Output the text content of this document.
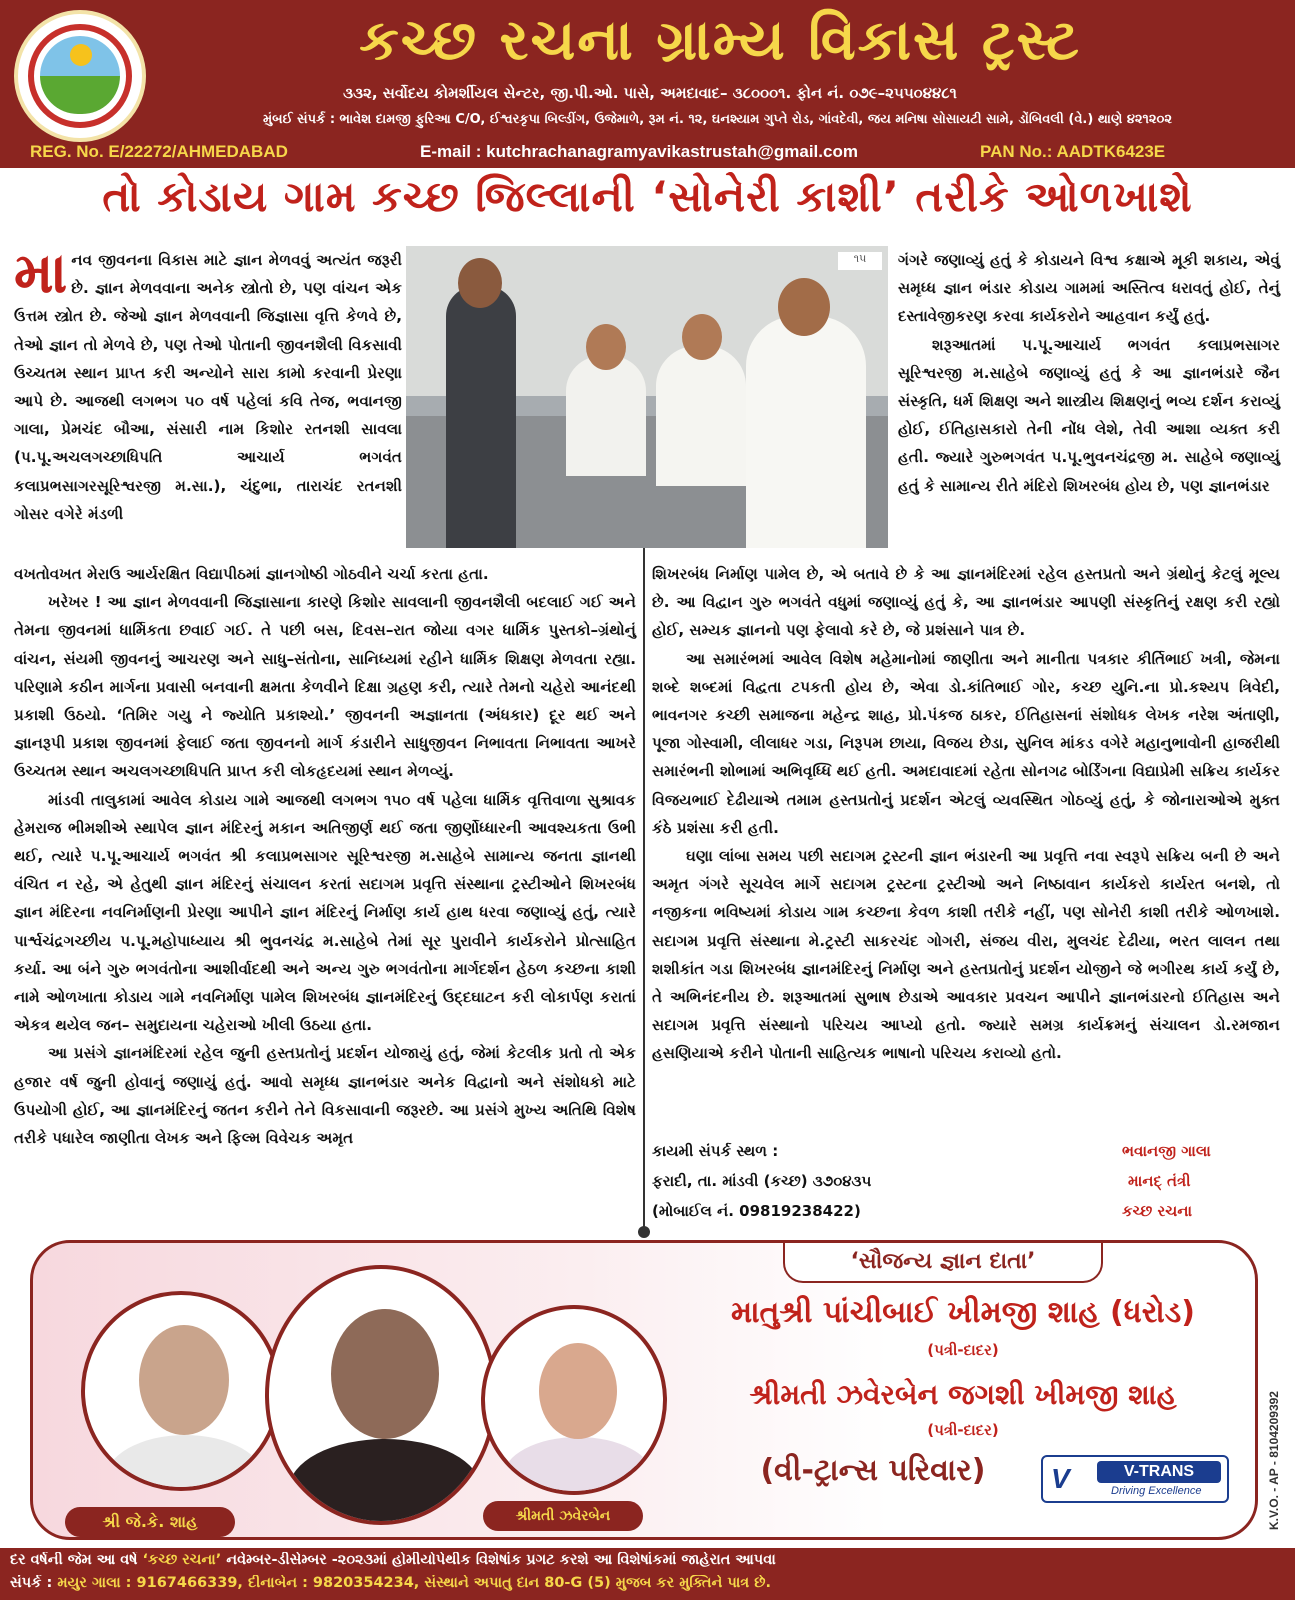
કચ્છ રચના ગ્રામ્ય વિકાસ ટ્રસ્ટ
૩૩૨, સર્વોદય કોમર્શીયલ સેન્ટર, જી.પી.ઓ. પાસે, અમદાવાદ– ૩૮૦૦૦૧. ફોન નં. ૦૭૯–૨૫૫૦૪૪૮૧
મુંબઈ સંપર્ક : ભાવેશ દામજી ફુરિઆ C/O, ઈશ્વરકૃપા બિલ્ડીંગ, ઉજેમાળે, રૂમ નં. ૧૨, ઘનશ્યામ ગુપ્તે રોડ, ગાંવદેવી, જય મનિષા સોસાયટી સામે, ડોંબિવલી (વે.) થાણે ૪૨૧૨૦૨
REG. No. E/22272/AHMEDABAD	E-mail : kutchrachanagramyavikastrustah@gmail.com	PAN No.: AADTK6423E
તો કોડાય ગામ કચ્છ જિલ્લાની ‘સોનેરી કાશી’ તરીકે ઓળખાશે
મા નવ જીવનના વિકાસ માટે જ્ઞાન મેળવવું અત્યંત જરૂરી છે. જ્ઞાન મેળવવાના અનેક સ્ત્રોતો છે, પણ વાંચન એક ઉત્તમ સ્ત્રોત છે. જેઓ જ્ઞાન મેળવવાની જિજ્ઞાસા વૃત્તિ કેળવે છે, તેઓ જ્ઞાન તો મેળવે છે, પણ તેઓ પોતાની જીવનશૈલી વિકસાવી ઉચ્ચતમ સ્થાન પ્રાપ્ત કરી અન્યોને સારા કામો કરવાની પ્રેરણા આપે છે. આજથી લગભગ ૫૦ વર્ષ પહેલાં કવિ તેજ, ભવાનજી ગાલા, પ્રેમચંદ બૌઆ, સંસારી નામ કિશોર રતનશી સાવલા (પ.પૂ.અચલગચ્છાધિપતિ આચાર્ય ભગવંત કલાપ્રભસાગરસૂરિશ્વરજી મ.સા.), ચંદુભા, તારાચંદ રતનશી ગોસર વગેરે મંડળી
૧૫	ગંગરે જણાવ્યું હતું કે કોડાયને વિશ્વ કક્ષાએ મૂકી શકાય, એવું સમૃધ્ધ જ્ઞાન ભંડાર કોડાય ગામમાં અસ્તિત્વ ધરાવતું હોઈ, તેનું દસ્તાવેજીકરણ કરવા કાર્યકરોને આહવાન કર્યું હતું.

શરૂઆતમાં પ.પૂ.આચાર્ય ભગવંત કલાપ્રભસાગર સૂરિશ્વરજી મ.સાહેબે જણાવ્યું હતું કે આ જ્ઞાનભંડારે જૈન સંસ્કૃતિ, ધર્મ શિક્ષણ અને શાસ્ત્રીય શિક્ષણનું ભવ્ય દર્શન કરાવ્યું હોઈ, ઈતિહાસકારો તેની નોંધ લેશે, તેવી આશા વ્યક્ત કરી હતી. જ્યારે ગુરુભગવંત પ.પૂ.ભુવનચંદ્રજી મ. સાહેબે જણાવ્યું હતું કે સામાન્ય રીતે મંદિરો શિખરબંધ હોય છે, પણ જ્ઞાનભંડાર

વખતોવખત મેરાઉ આર્યરક્ષિત વિદ્યાપીઠમાં જ્ઞાનગોષ્ઠી ગોઠવીને ચર્ચા કરતા હતા.

ખરેખર ! આ જ્ઞાન મેળવવાની જિજ્ઞાસાના કારણે કિશોર સાવલાની જીવનશૈલી બદલાઈ ગઈ અને તેમના જીવનમાં ધાર્મિકતા છવાઈ ગઈ. તે પછી બસ, દિવસ–રાત જોયા વગર ધાર્મિક પુસ્તકો–ગ્રંથોનું વાંચન, સંયમી જીવનનું આચરણ અને સાધુ–સંતોના, સાનિધ્યમાં રહીને ધાર્મિક શિક્ષણ મેળવતા રહ્યા. પરિણામે કઠીન માર્ગના પ્રવાસી બનવાની ક્ષમતા કેળવીને દિક્ષા ગ્રહણ કરી, ત્યારે તેમનો ચહેરો આનંદથી પ્રકાશી ઉઠયો. ‘તિમિર ગયુ ને જ્યોતિ પ્રકાશ્યો.’ જીવનની અજ્ઞાનતા (અંધકાર) દૂર થઈ અને જ્ઞાનરૂપી પ્રકાશ જીવનમાં ફેલાઈ જતા જીવનનો માર્ગ કંડારીને સાધુજીવન નિભાવતા નિભાવતા આખરે ઉચ્ચતમ સ્થાન અચલગચ્છાધિપતિ પ્રાપ્ત કરી લોકહૃદયમાં સ્થાન મેળવ્યું.

માંડવી તાલુકામાં આવેલ કોડાય ગામે આજથી લગભગ ૧૫૦ વર્ષ પહેલા ધાર્મિક વૃત્તિવાળા સુશ્રાવક હેમરાજ ભીમશીએ સ્થાપેલ જ્ઞાન મંદિરનું મકાન અતિજીર્ણ થઈ જતા જીર્ણોધ્ધારની આવશ્યકતા ઉભી થઈ, ત્યારે પ.પૂ.આચાર્ય ભગવંત શ્રી કલાપ્રભસાગર સૂરિશ્વરજી મ.સાહેબે સામાન્ય જનતા જ્ઞાનથી વંચિત ન રહે, એ હેતુથી જ્ઞાન મંદિરનું સંચાલન કરતાં સદાગમ પ્રવૃત્તિ સંસ્થાના ટ્રસ્ટીઓને શિખરબંધ જ્ઞાન મંદિરના નવનિર્માણની પ્રેરણા આપીને જ્ઞાન મંદિરનું નિર્માણ કાર્ય હાથ ધરવા જણાવ્યું હતું, ત્યારે પાર્શ્વચંદ્રગચ્છીય પ.પૂ.મહોપાધ્યાય શ્રી ભુવનચંદ્ર મ.સાહેબે તેમાં સૂર પુરાવીને કાર્યકરોને પ્રોત્સાહિત કર્યા. આ બંને ગુરુ ભગવંતોના આશીર્વાદથી અને અન્ય ગુરુ ભગવંતોના માર્ગદર્શન હેઠળ કચ્છના કાશી નામે ઓળખાતા કોડાય ગામે નવનિર્માણ પામેલ શિખરબંધ જ્ઞાનમંદિરનું ઉદ્દઘાટન કરી લોકાર્પણ કરાતાં એકત્ર થયેલ જન– સમુદાયના ચહેરાઓ ખીલી ઉઠયા હતા.

આ પ્રસંગે જ્ઞાનમંદિરમાં રહેલ જુની હસ્તપ્રતોનું પ્રદર્શન યોજાયું હતું, જેમાં કેટલીક પ્રતો તો એક હજાર વર્ષ જુની હોવાનું જણાયું હતું. આવો સમૃધ્ધ જ્ઞાનભંડાર અનેક વિદ્વાનો અને સંશોધકો માટે ઉપયોગી હોઈ, આ જ્ઞાનમંદિરનું જતન કરીને તેને વિકસાવાની જરૂરછે. આ પ્રસંગે મુખ્ય અતિથિ વિશેષ તરીકે પધારેલ જાણીતા લેખક અને ફિલ્મ વિવેચક અમૃત

શિખરબંધ નિર્માણ પામેલ છે, એ બતાવે છે કે આ જ્ઞાનમંદિરમાં રહેલ હસ્તપ્રતો અને ગ્રંથોનું કેટલું મૂલ્ય છે. આ વિદ્વાન ગુરુ ભગવંતે વધુમાં જણાવ્યું હતું કે, આ જ્ઞાનભંડાર આપણી સંસ્કૃતિનું રક્ષણ કરી રહ્યો હોઈ, સમ્યક જ્ઞાનનો પણ ફેલાવો કરે છે, જે પ્રશંસાને પાત્ર છે.

આ સમારંભમાં આવેલ વિશેષ મહેમાનોમાં જાણીતા અને માનીતા પત્રકાર કીર્તિભાઈ ખત્રી, જેમના શબ્દે શબ્દમાં વિદ્વતા ટપકતી હોય છે, એવા ડો.કાંતિભાઈ ગોર, કચ્છ યુનિ.ના પ્રો.કશ્યપ ત્રિવેદી, ભાવનગર કચ્છી સમાજના મહેન્દ્ર શાહ, પ્રો.પંકજ ઠાકર, ઈતિહાસનાં સંશોધક લેખક નરેશ અંતાણી, પૂજા ગોસ્વામી, લીલાધર ગડા, નિરૂપમ છાયા, વિજય છેડા, સુનિલ માંકડ વગેરે મહાનુભાવોની હાજરીથી સમારંભની શોભામાં અભિવૃધ્ધિ થઈ હતી. અમદાવાદમાં રહેતા સોનગઢ બોર્ડિંગના વિદ્યાપ્રેમી સક્રિય કાર્યકર વિજયભાઈ દેઢીયાએ તમામ હસ્તપ્રતોનું પ્રદર્શન એટલું વ્યવસ્થિત ગોઠવ્યું હતું, કે જોનારાઓએ મુક્ત કંઠે પ્રશંસા કરી હતી.

ઘણા લાંબા સમય પછી સદાગમ ટ્રસ્ટની જ્ઞાન ભંડારની આ પ્રવૃત્તિ નવા સ્વરૂપે સક્રિય બની છે અને અમૃત ગંગરે સૂચવેલ માર્ગે સદાગમ ટ્રસ્ટના ટ્રસ્ટીઓ અને નિષ્ઠાવાન કાર્યકરો કાર્યરત બનશે, તો નજીકના ભવિષ્યમાં કોડાય ગામ કચ્છના કેવળ કાશી તરીકે નહીં, પણ સોનેરી કાશી તરીકે ઓળખાશે. સદાગમ પ્રવૃત્તિ સંસ્થાના મે.ટ્રસ્ટી સાકરચંદ ગોગરી, સંજય વીરા, મુલચંદ દેઢીયા, ભરત લાલન તથા શશીકાંત ગડા શિખરબંધ જ્ઞાનમંદિરનું નિર્માણ અને હસ્તપ્રતોનું પ્રદર્શન યોજીને જે ભગીરથ કાર્ય કર્યું છે, તે અભિનંદનીય છે. શરૂઆતમાં સુભાષ છેડાએ આવકાર પ્રવચન આપીને જ્ઞાનભંડારનો ઈતિહાસ અને સદાગમ પ્રવૃત્તિ સંસ્થાનો પરિચય આપ્યો હતો. જ્યારે સમગ્ર કાર્યક્રમનું સંચાલન ડો.રમજાન હસણિયાએ કરીને પોતાની સાહિત્યક ભાષાનો પરિચય કરાવ્યો હતો.

કાયમી સંપર્ક સ્થળ :
ફરાદી, તા. માંડવી (કચ્છ) ૩૭૦૪૩૫
(મોબાઈલ નં. 09819238422)
ભવાનજી ગાલા
માનદ્ તંત્રી
કચ્છ રચના
શ્રી જે.કે. શાહ	શ્રીમતી ઝવેરબેન
‘સૌજન્ય જ્ઞાન દાતા’
માતુશ્રી પાંચીબાઈ ખીમજી શાહ (ધરોડ)
(પત્રી-દાદર)
શ્રીમતી ઝવેરબેન જગશી ખીમજી શાહ
(પત્રી-દાદર)
(વી-ટ્રાન્સ પરિવાર)	V	V-TRANS
Driving Excellence	K.V.O. - AP - 8104209392
દર વર્ષની જેમ આ વર્ષે ‘કચ્છ રચના’ નવેમ્બર-ડીસેમ્બર -૨૦૨૩માં હોમીયોપેથીક વિશેષાંક પ્રગટ કરશે આ વિશેષાંકમાં જાહેરાત આપવા
સંપર્ક : મયુર ગાલા : 9167466339, દીનાબેન : 9820354234, સંસ્થાને અપાતુ દાન 80-G (5) મુજબ કર મુક્તિને પાત્ર છે.
